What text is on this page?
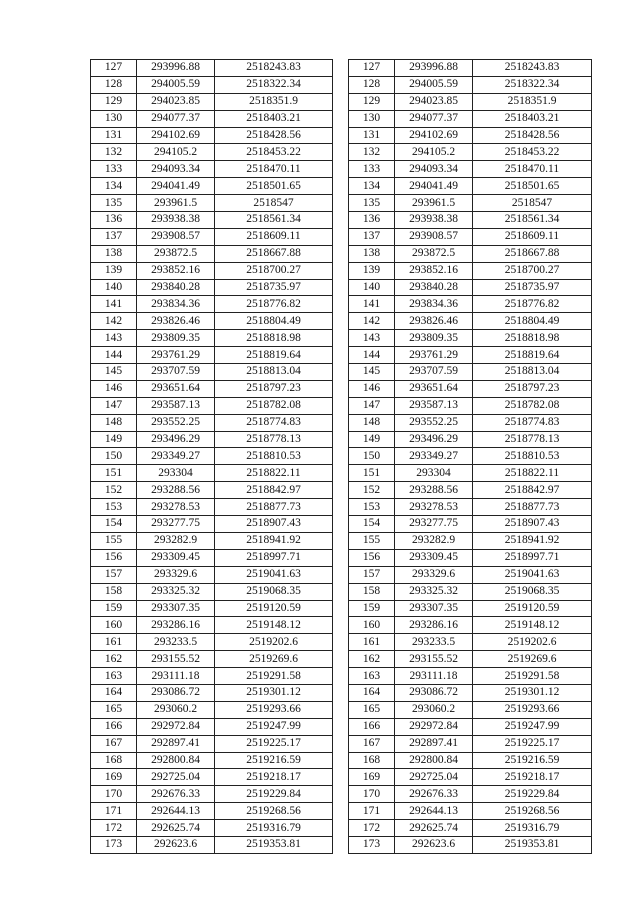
127	293996.88	2518243.83
128	294005.59	2518322.34
129	294023.85	2518351.9
130	294077.37	2518403.21
131	294102.69	2518428.56
132	294105.2	2518453.22
133	294093.34	2518470.11
134	294041.49	2518501.65
135	293961.5	2518547
136	293938.38	2518561.34
137	293908.57	2518609.11
138	293872.5	2518667.88
139	293852.16	2518700.27
140	293840.28	2518735.97
141	293834.36	2518776.82
142	293826.46	2518804.49
143	293809.35	2518818.98
144	293761.29	2518819.64
145	293707.59	2518813.04
146	293651.64	2518797.23
147	293587.13	2518782.08
148	293552.25	2518774.83
149	293496.29	2518778.13
150	293349.27	2518810.53
151	293304	2518822.11
152	293288.56	2518842.97
153	293278.53	2518877.73
154	293277.75	2518907.43
155	293282.9	2518941.92
156	293309.45	2518997.71
157	293329.6	2519041.63
158	293325.32	2519068.35
159	293307.35	2519120.59
160	293286.16	2519148.12
161	293233.5	2519202.6
162	293155.52	2519269.6
163	293111.18	2519291.58
164	293086.72	2519301.12
165	293060.2	2519293.66
166	292972.84	2519247.99
167	292897.41	2519225.17
168	292800.84	2519216.59
169	292725.04	2519218.17
170	292676.33	2519229.84
171	292644.13	2519268.56
172	292625.74	2519316.79
173	292623.6	2519353.81
127	293996.88	2518243.83
128	294005.59	2518322.34
129	294023.85	2518351.9
130	294077.37	2518403.21
131	294102.69	2518428.56
132	294105.2	2518453.22
133	294093.34	2518470.11
134	294041.49	2518501.65
135	293961.5	2518547
136	293938.38	2518561.34
137	293908.57	2518609.11
138	293872.5	2518667.88
139	293852.16	2518700.27
140	293840.28	2518735.97
141	293834.36	2518776.82
142	293826.46	2518804.49
143	293809.35	2518818.98
144	293761.29	2518819.64
145	293707.59	2518813.04
146	293651.64	2518797.23
147	293587.13	2518782.08
148	293552.25	2518774.83
149	293496.29	2518778.13
150	293349.27	2518810.53
151	293304	2518822.11
152	293288.56	2518842.97
153	293278.53	2518877.73
154	293277.75	2518907.43
155	293282.9	2518941.92
156	293309.45	2518997.71
157	293329.6	2519041.63
158	293325.32	2519068.35
159	293307.35	2519120.59
160	293286.16	2519148.12
161	293233.5	2519202.6
162	293155.52	2519269.6
163	293111.18	2519291.58
164	293086.72	2519301.12
165	293060.2	2519293.66
166	292972.84	2519247.99
167	292897.41	2519225.17
168	292800.84	2519216.59
169	292725.04	2519218.17
170	292676.33	2519229.84
171	292644.13	2519268.56
172	292625.74	2519316.79
173	292623.6	2519353.81
